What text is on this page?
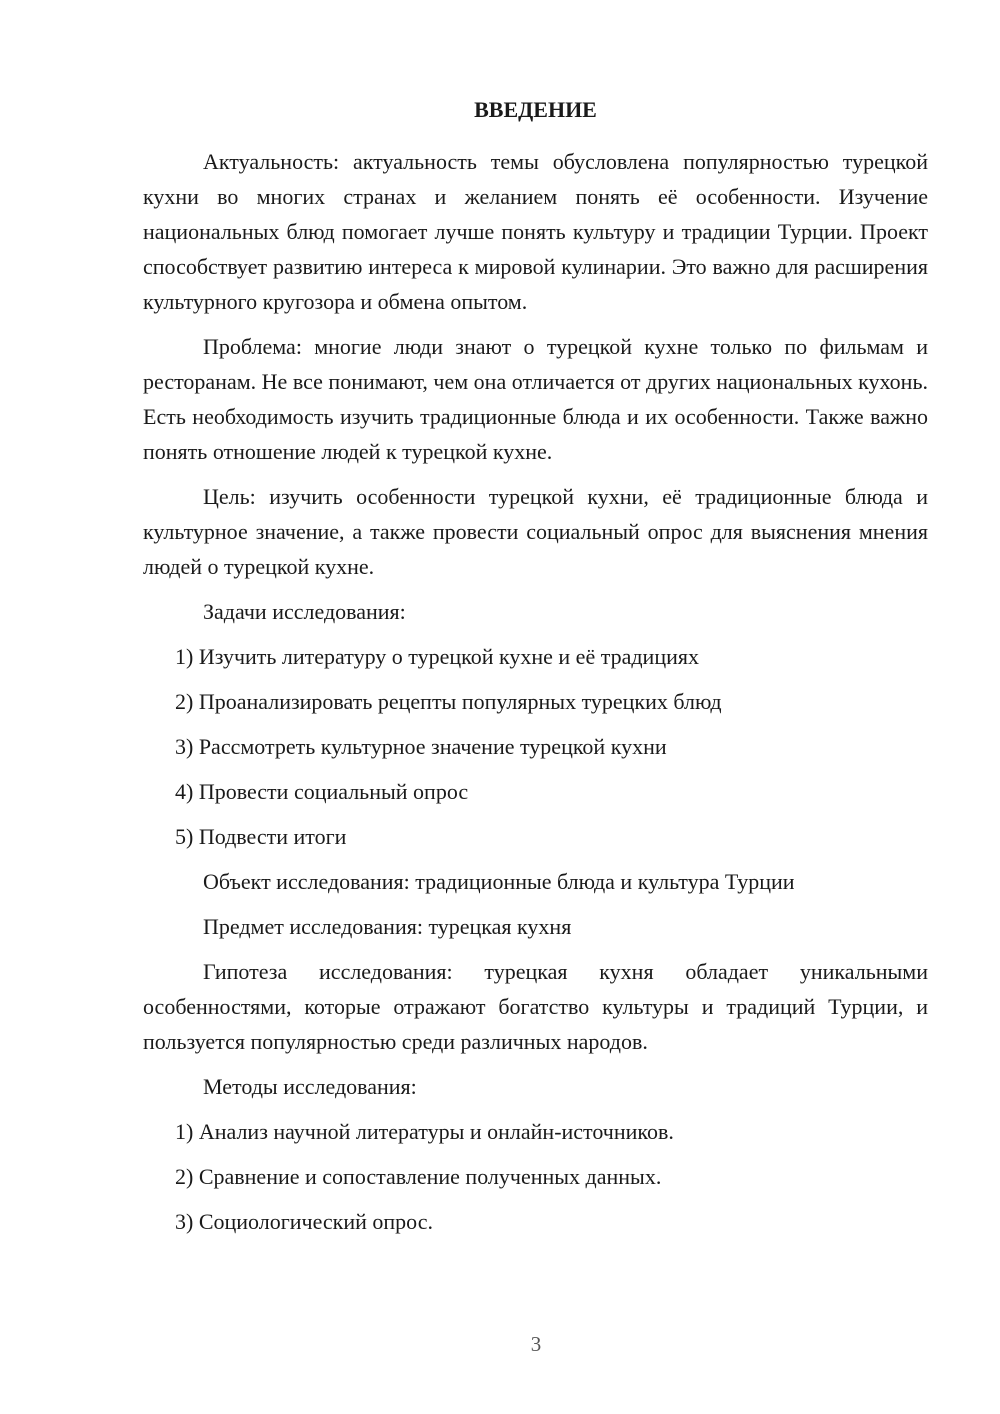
ВВЕДЕНИЕ

Актуальность: актуальность темы обусловлена популярностью турецкой кухни во многих странах и желанием понять её особенности. Изучение национальных блюд помогает лучше понять культуру и традиции Турции. Проект способствует развитию интереса к мировой кулинарии. Это важно для расширения культурного кругозора и обмена опытом.

Проблема: многие люди знают о турецкой кухне только по фильмам и ресторанам. Не все понимают, чем она отличается от других национальных кухонь. Есть необходимость изучить традиционные блюда и их особенности. Также важно понять отношение людей к турецкой кухне.

Цель: изучить особенности турецкой кухни, её традиционные блюда и культурное значение, а также провести социальный опрос для выяснения мнения людей о турецкой кухне.

Задачи исследования:
1) Изучить литературу о турецкой кухне и её традициях
2) Проанализировать рецепты популярных турецких блюд
3) Рассмотреть культурное значение турецкой кухни
4) Провести социальный опрос
5) Подвести итоги
Объект исследования: традиционные блюда и культура Турции
Предмет исследования: турецкая кухня

Гипотеза исследования: турецкая кухня обладает уникальными особенностями, которые отражают богатство культуры и традиций Турции, и пользуется популярностью среди различных народов.

Методы исследования:
1) Анализ научной литературы и онлайн-источников.
2) Сравнение и сопоставление полученных данных.
3) Социологический опрос.
3
